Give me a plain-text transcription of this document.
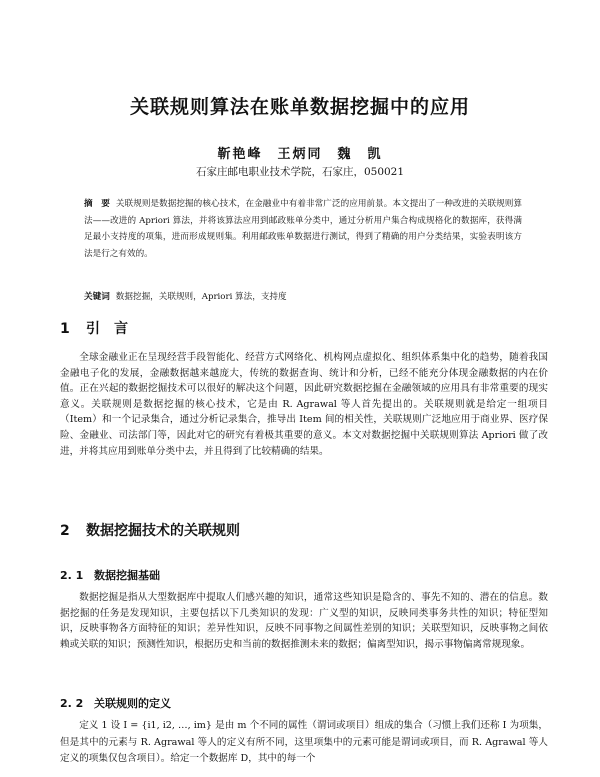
关联规则算法在账单数据挖掘中的应用
靳艳峰　王炳同　魏　凯
石家庄邮电职业技术学院，石家庄，050021
摘　要 关联规则是数据挖掘的核心技术，在金融业中有着非常广泛的应用前景。本文提出了一种改进的关联规则算法——改进的 Apriori 算法，并将该算法应用到邮政账单分类中，通过分析用户集合构成规格化的数据库，获得满足最小支持度的项集，进而形成规则集。利用邮政账单数据进行测试，得到了精确的用户分类结果，实验表明该方法是行之有效的。
关键词 数据挖掘，关联规则，Apriori 算法，支持度
1 引　言
全球金融业正在呈现经营手段智能化、经营方式网络化、机构网点虚拟化、组织体系集中化的趋势，随着我国金融电子化的发展，金融数据越来越庞大，传统的数据查询、统计和分析，已经不能充分体现金融数据的内在价值。正在兴起的数据挖掘技术可以很好的解决这个问题，因此研究数据挖掘在金融领域的应用具有非常重要的现实意义。关联规则是数据挖掘的核心技术，它是由 R. Agrawal 等人首先提出的。关联规则就是给定一组项目（Item）和一个记录集合，通过分析记录集合，推导出 Item 间的相关性，关联规则广泛地应用于商业界、医疗保险、金融业、司法部门等，因此对它的研究有着极其重要的意义。本文对数据挖掘中关联规则算法 Apriori 做了改进，并将其应用到账单分类中去，并且得到了比较精确的结果。
2 数据挖掘技术的关联规则
2. 1 数据挖掘基础
数据挖掘是指从大型数据库中提取人们感兴趣的知识，通常这些知识是隐含的、事先不知的、潜在的信息。数据挖掘的任务是发现知识，主要包括以下几类知识的发现：广义型的知识，反映同类事务共性的知识；特征型知识，反映事物各方面特征的知识；差异性知识，反映不同事物之间属性差别的知识；关联型知识，反映事物之间依赖或关联的知识；预测性知识，根据历史和当前的数据推测未来的数据；偏离型知识，揭示事物偏离常规现象。
2. 2 关联规则的定义
定义 1 设 I = {i1, i2, …, im} 是由 m 个不同的属性（谓词或项目）组成的集合（习惯上我们还称 I 为项集，但是其中的元素与 R. Agrawal 等人的定义有所不同，这里项集中的元素可能是谓词或项目，而 R. Agrawal 等人定义的项集仅包含项目）。给定一个数据库 D，其中的每一个
